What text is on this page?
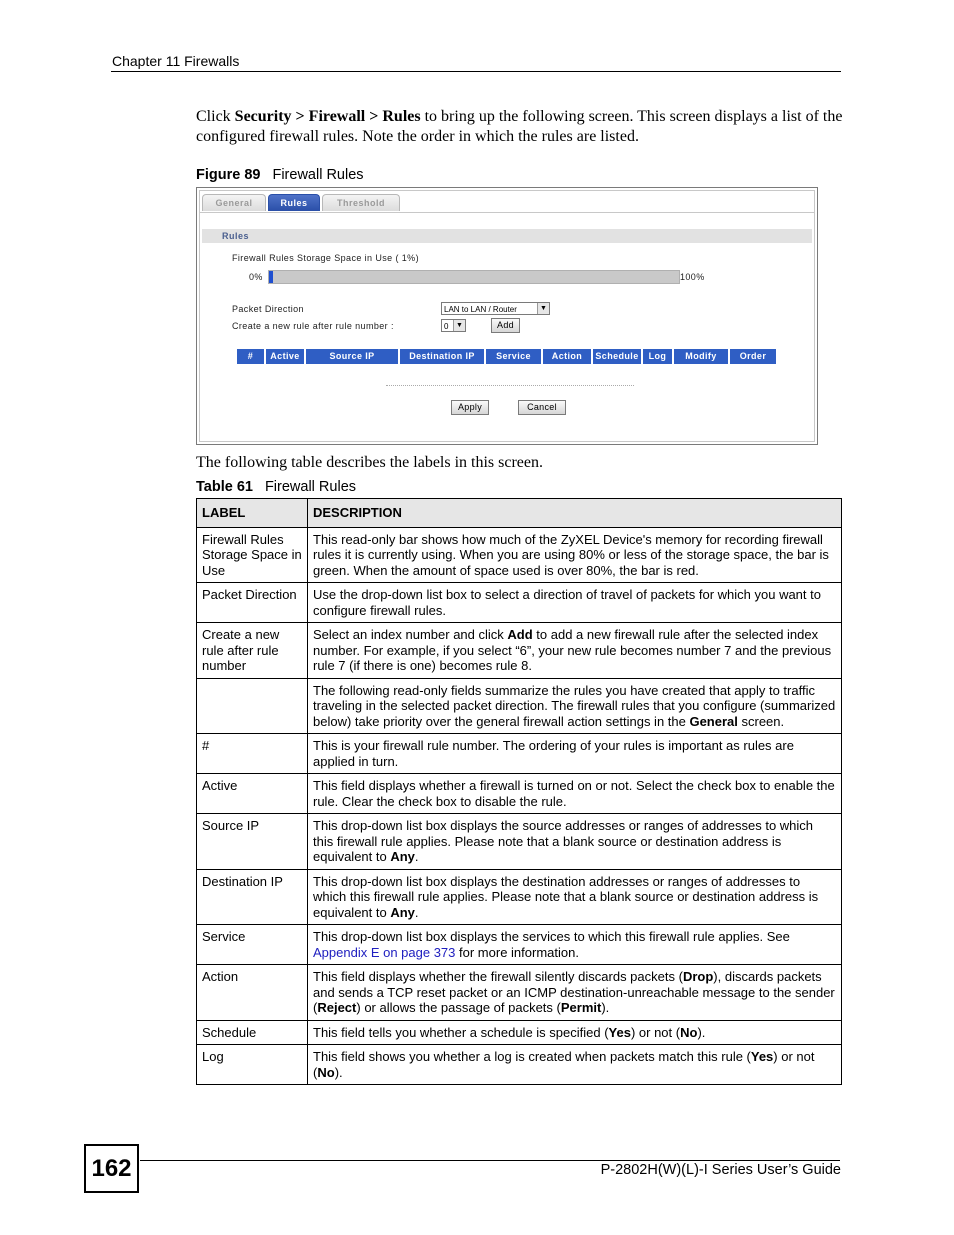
Chapter 11 Firewalls
Click Security > Firewall > Rules to bring up the following screen. This screen displays a list of the configured firewall rules. Note the order in which the rules are listed.
Figure 89 Firewall Rules
General	Rules	Threshold
Rules
Firewall Rules Storage Space in Use ( 1%)
0%	100%
Packet Direction	LAN to LAN / Router	▼
Create a new rule after rule number :	0	▼	Add
#	Active	Source IP	Destination IP	Service	Action	Schedule	Log	Modify	Order
Apply	Cancel
The following table describes the labels in this screen.
Table 61 Firewall Rules
LABEL	DESCRIPTION
Firewall Rules Storage Space in Use	This read-only bar shows how much of the ZyXEL Device's memory for recording firewall rules it is currently using. When you are using 80% or less of the storage space, the bar is green. When the amount of space used is over 80%, the bar is red.
Packet Direction	Use the drop-down list box to select a direction of travel of packets for which you want to configure firewall rules.
Create a new rule after rule number	Select an index number and click Add to add a new firewall rule after the selected index number. For example, if you select “6”, your new rule becomes number 7 and the previous rule 7 (if there is one) becomes rule 8.
	The following read-only fields summarize the rules you have created that apply to traffic traveling in the selected packet direction. The firewall rules that you configure (summarized below) take priority over the general firewall action settings in the General screen.
#	This is your firewall rule number. The ordering of your rules is important as rules are applied in turn.
Active	This field displays whether a firewall is turned on or not. Select the check box to enable the rule. Clear the check box to disable the rule.
Source IP	This drop-down list box displays the source addresses or ranges of addresses to which this firewall rule applies. Please note that a blank source or destination address is equivalent to Any.
Destination IP	This drop-down list box displays the destination addresses or ranges of addresses to which this firewall rule applies. Please note that a blank source or destination address is equivalent to Any.
Service	This drop-down list box displays the services to which this firewall rule applies. See Appendix E on page 373 for more information.
Action	This field displays whether the firewall silently discards packets (Drop), discards packets and sends a TCP reset packet or an ICMP destination-unreachable message to the sender (Reject) or allows the passage of packets (Permit).
Schedule	This field tells you whether a schedule is specified (Yes) or not (No).
Log	This field shows you whether a log is created when packets match this rule (Yes) or not (No).
162	P-2802H(W)(L)-I Series User’s Guide
